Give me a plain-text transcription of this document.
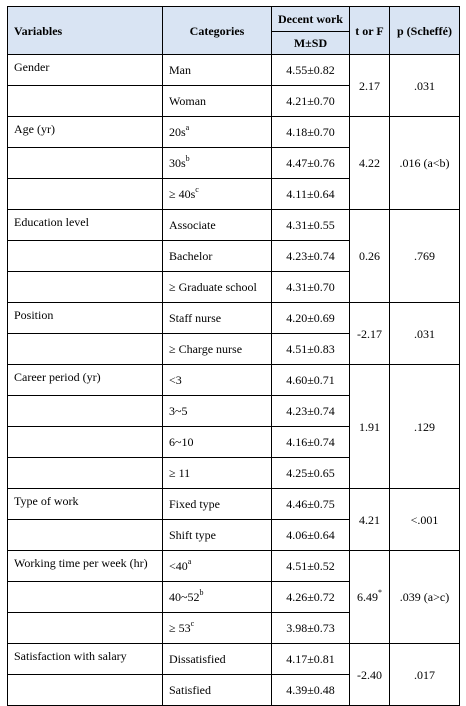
Variables	Categories	Decent work	t or F	p (Scheffé)
		M±SD		
Gender	Man	4.55±0.82	2.17	.031
	Woman	4.21±0.70		
Age (yr)	$20s^a$	4.18±0.70	4.22	.016 (a<b)
	$30s^b$	4.47±0.76		
	≥ $40s^c$	4.11±0.64		
Education level	Associate	4.31±0.55	0.26	.769
	Bachelor	4.23±0.74		
	≥ Graduate school	4.31±0.70		
Position	Staff nurse	4.20±0.69	-2.17	.031
	≥ Charge nurse	4.51±0.83		
Career period (yr)	<3	4.60±0.71	1.91	.129
	3~5	4.23±0.74		
	6~10	4.16±0.74		
	≥ 11	4.25±0.65		
Type of work	Fixed type	4.46±0.75	4.21	<.001
	Shift type	4.06±0.64		
Working time per week (hr)	$<40^a$	4.51±0.52	6.49*	.039 (a>c)
	40~52$^b$	4.26±0.72		
	≥ $53^c$	3.98±0.73		
Satisfaction with salary	Dissatisfied	4.17±0.81	-2.40	.017
	Satisfied	4.39±0.48		
